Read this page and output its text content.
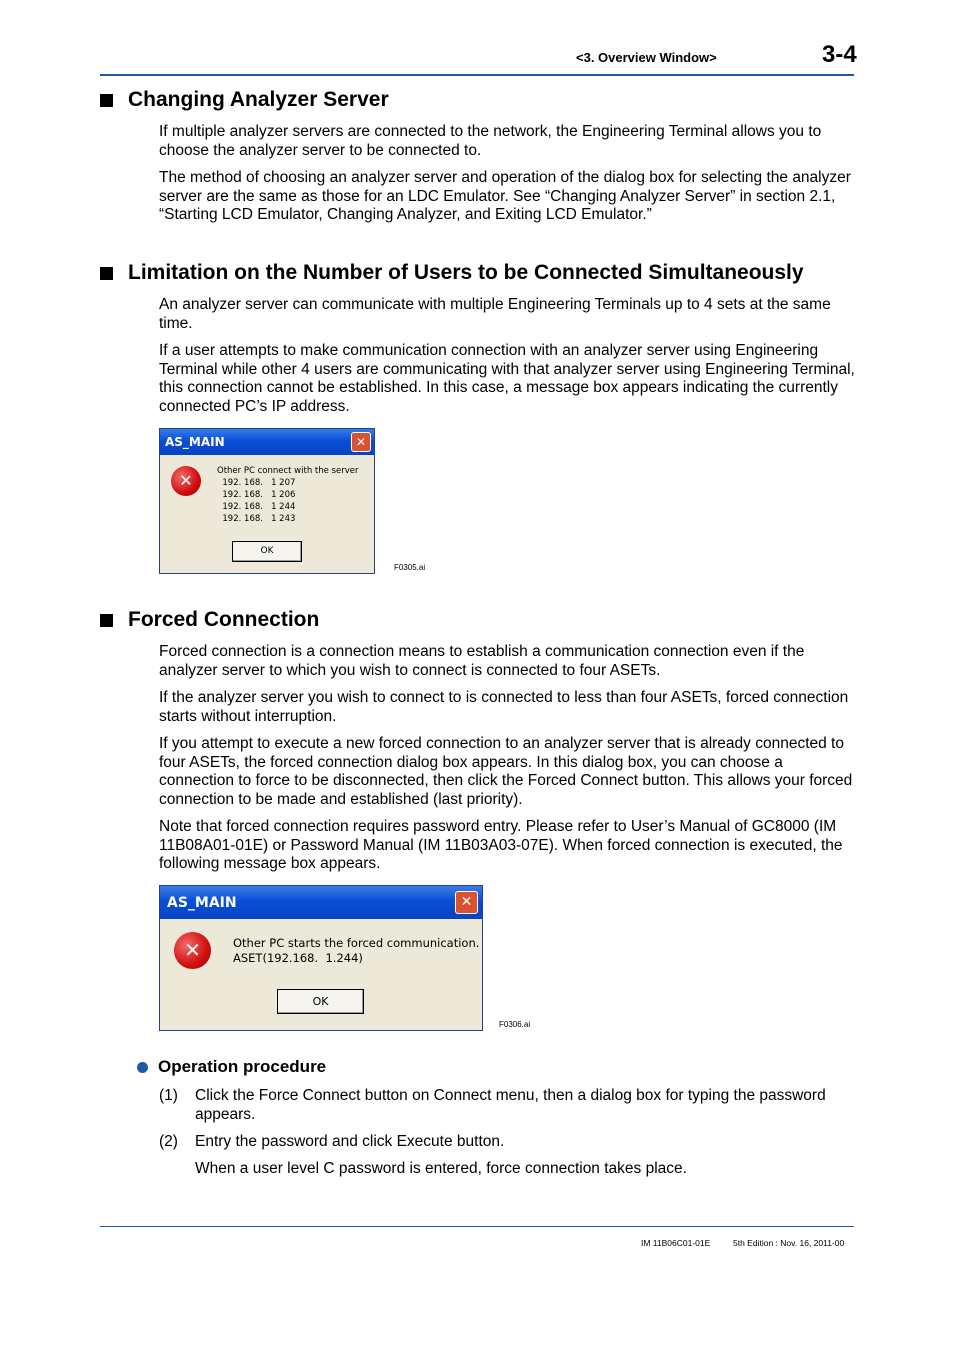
<3. Overview Window>	3-4
Changing Analyzer Server
If multiple analyzer servers are connected to the network, the Engineering Terminal allows you to choose the analyzer server to be connected to.
The method of choosing an analyzer server and operation of the dialog box for selecting the analyzer server are the same as those for an LDC Emulator. See “Changing Analyzer Server” in section 2.1, “Starting LCD Emulator, Changing Analyzer, and Exiting LCD Emulator.”
Limitation on the Number of Users to be Connected Simultaneously
An analyzer server can communicate with multiple Engineering Terminals up to 4 sets at the same time.
If a user attempts to make communication connection with an analyzer server using Engineering Terminal while other 4 users are communicating with that analyzer server using Engineering Terminal, this connection cannot be established. In this case, a message box appears indicating the currently connected PC’s IP address.
AS_MAIN	✕
✕	Other PC connect with the server
192. 168.   1 207
192. 168.   1 206
192. 168.   1 244
192. 168.   1 243
OK
F0305.ai
Forced Connection
Forced connection is a connection means to establish a communication connection even if the analyzer server to which you wish to connect is connected to four ASETs.
If the analyzer server you wish to connect to is connected to less than four ASETs, forced connection starts without interruption.
If you attempt to execute a new forced connection to an analyzer server that is already connected to four ASETs, the forced connection dialog box appears. In this dialog box, you can choose a connection to force to be disconnected, then click the Forced Connect button. This allows your forced connection to be made and established (last priority).
Note that forced connection requires password entry. Please refer to User’s Manual of GC8000 (IM 11B08A01-01E) or Password Manual (IM 11B03A03-07E). When forced connection is executed, the following message box appears.
AS_MAIN	✕
✕	Other PC starts the forced communication.
ASET(192.168.  1.244)
OK
F0306.ai
Operation procedure
(1) Click the Force Connect button on Connect menu, then a dialog box for typing the password appears.
(2) Entry the password and click Execute button.
When a user level C password is entered, force connection takes place.
IM 11B06C01-01E	5th Edition : Nov. 16, 2011-00
